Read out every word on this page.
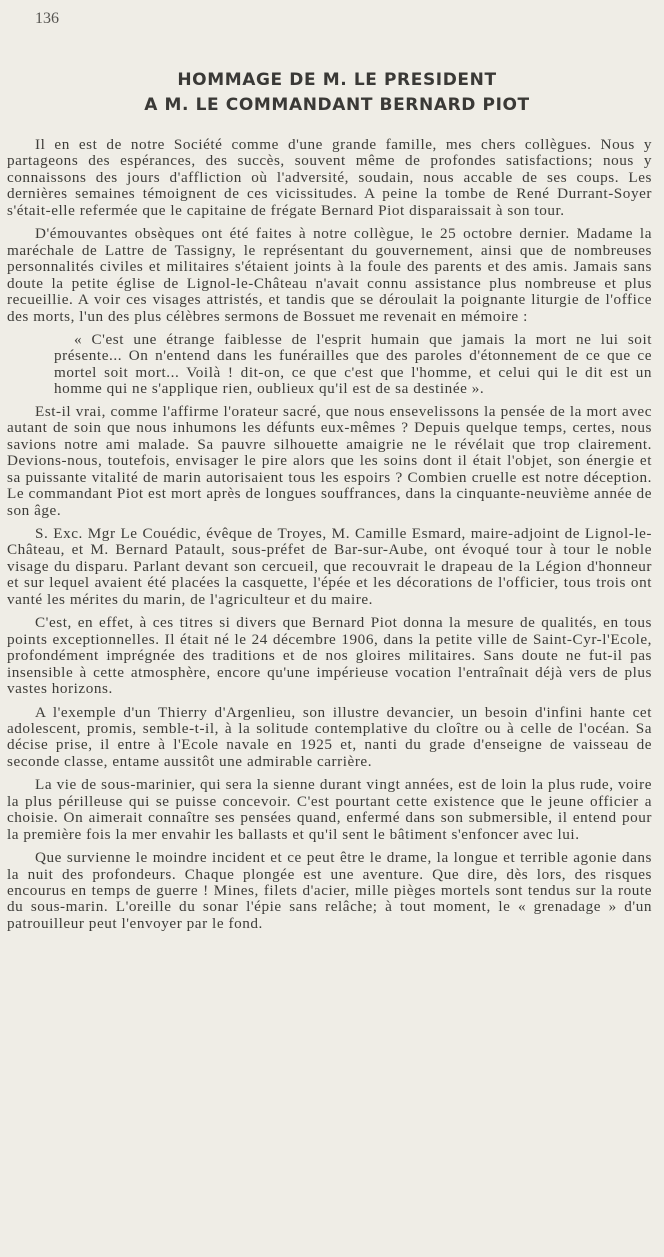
136

HOMMAGE DE M. LE PRESIDENT
A M. LE COMMANDANT BERNARD PIOT

Il en est de notre Société comme d'une grande famille, mes chers collègues. Nous y partageons des espérances, des succès, souvent même de profondes satisfactions; nous y connaissons des jours d'affliction où l'adversité, soudain, nous accable de ses coups. Les dernières semaines témoignent de ces vicissitudes. A peine la tombe de René Durrant-Soyer s'était-elle refermée que le capitaine de frégate Bernard Piot disparaissait à son tour.

D'émouvantes obsèques ont été faites à notre collègue, le 25 octobre dernier. Madame la maréchale de Lattre de Tassigny, le représentant du gouvernement, ainsi que de nombreuses personnalités civiles et militaires s'étaient joints à la foule des parents et des amis. Jamais sans doute la petite église de Lignol-le-Château n'avait connu assistance plus nombreuse et plus recueillie. A voir ces visages attristés, et tandis que se déroulait la poignante liturgie de l'office des morts, l'un des plus célèbres sermons de Bossuet me revenait en mémoire :

« C'est une étrange faiblesse de l'esprit humain que jamais la mort ne lui soit présente... On n'entend dans les funérailles que des paroles d'étonnement de ce que ce mortel soit mort... Voilà ! dit-on, ce que c'est que l'homme, et celui qui le dit est un homme qui ne s'applique rien, oublieux qu'il est de sa destinée ».

Est-il vrai, comme l'affirme l'orateur sacré, que nous ensevelissons la pensée de la mort avec autant de soin que nous inhumons les défunts eux-mêmes ? Depuis quelque temps, certes, nous savions notre ami malade. Sa pauvre silhouette amaigrie ne le révélait que trop clairement. Devions-nous, toutefois, envisager le pire alors que les soins dont il était l'objet, son énergie et sa puissante vitalité de marin autorisaient tous les espoirs ? Combien cruelle est notre déception. Le commandant Piot est mort après de longues souffrances, dans la cinquante-neuvième année de son âge.

S. Exc. Mgr Le Couédic, évêque de Troyes, M. Camille Esmard, maire-adjoint de Lignol-le-Château, et M. Bernard Patault, sous-préfet de Bar-sur-Aube, ont évoqué tour à tour le noble visage du disparu. Parlant devant son cercueil, que recouvrait le drapeau de la Légion d'honneur et sur lequel avaient été placées la casquette, l'épée et les décorations de l'officier, tous trois ont vanté les mérites du marin, de l'agriculteur et du maire.

C'est, en effet, à ces titres si divers que Bernard Piot donna la mesure de qualités, en tous points exceptionnelles. Il était né le 24 décembre 1906, dans la petite ville de Saint-Cyr-l'Ecole, profondément imprégnée des traditions et de nos gloires militaires. Sans doute ne fut-il pas insensible à cette atmosphère, encore qu'une impérieuse vocation l'entraînait déjà vers de plus vastes horizons.

A l'exemple d'un Thierry d'Argenlieu, son illustre devancier, un besoin d'infini hante cet adolescent, promis, semble-t-il, à la solitude contemplative du cloître ou à celle de l'océan. Sa décise prise, il entre à l'Ecole navale en 1925 et, nanti du grade d'enseigne de vaisseau de seconde classe, entame aussitôt une admirable carrière.

La vie de sous-marinier, qui sera la sienne durant vingt années, est de loin la plus rude, voire la plus périlleuse qui se puisse concevoir. C'est pourtant cette existence que le jeune officier a choisie. On aimerait connaître ses pensées quand, enfermé dans son submersible, il entend pour la première fois la mer envahir les ballasts et qu'il sent le bâtiment s'enfoncer avec lui.

Que survienne le moindre incident et ce peut être le drame, la longue et terrible agonie dans la nuit des profondeurs. Chaque plongée est une aventure. Que dire, dès lors, des risques encourus en temps de guerre ! Mines, filets d'acier, mille pièges mortels sont tendus sur la route du sous-marin. L'oreille du sonar l'épie sans relâche; à tout moment, le « grenadage » d'un patrouilleur peut l'envoyer par le fond.
